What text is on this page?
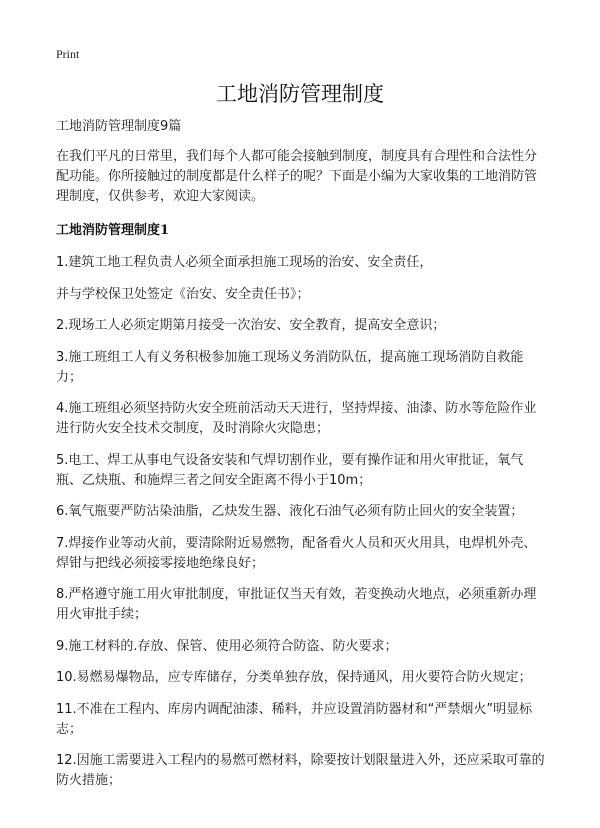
Print
工地消防管理制度

工地消防管理制度9篇

在我们平凡的日常里，我们每个人都可能会接触到制度，制度具有合理性和合法性分配功能。你所接触过的制度都是什么样子的呢？下面是小编为大家收集的工地消防管理制度，仅供参考，欢迎大家阅读。

工地消防管理制度1

1.建筑工地工程负责人必须全面承担施工现场的治安、安全责任，

并与学校保卫处签定《治安、安全责任书》；

2.现场工人必须定期第月接受一次治安、安全教育，提高安全意识；

3.施工班组工人有义务积极参加施工现场义务消防队伍，提高施工现场消防自救能力；

4.施工班组必须坚持防火安全班前活动天天进行，坚持焊接、油漆、防水等危险作业进行防火安全技术交制度，及时消除火灾隐患；

5.电工、焊工从事电气设备安装和气焊切割作业，要有操作证和用火审批证，氧气瓶、乙炔瓶、和施焊三者之间安全距离不得小于10m；

6.氧气瓶要严防沾染油脂，乙炔发生器、液化石油气必须有防止回火的安全装置；

7.焊接作业等动火前，要清除附近易燃物，配备看火人员和灭火用具，电焊机外壳、焊钳与把线必须接零接地绝缘良好；

8.严格遵守施工用火审批制度，审批证仅当天有效，若变换动火地点，必须重新办理用火审批手续；

9.施工材料的.存放、保管、使用必须符合防盗、防火要求；

10.易燃易爆物品，应专库储存，分类单独存放，保持通风，用火要符合防火规定；

11.不准在工程内、库房内调配油漆、稀料，并应设置消防器材和“严禁烟火”明显标志；

12.因施工需要进入工程内的易燃可燃材料，除要按计划限量进入外，还应采取可靠的防火措施；
